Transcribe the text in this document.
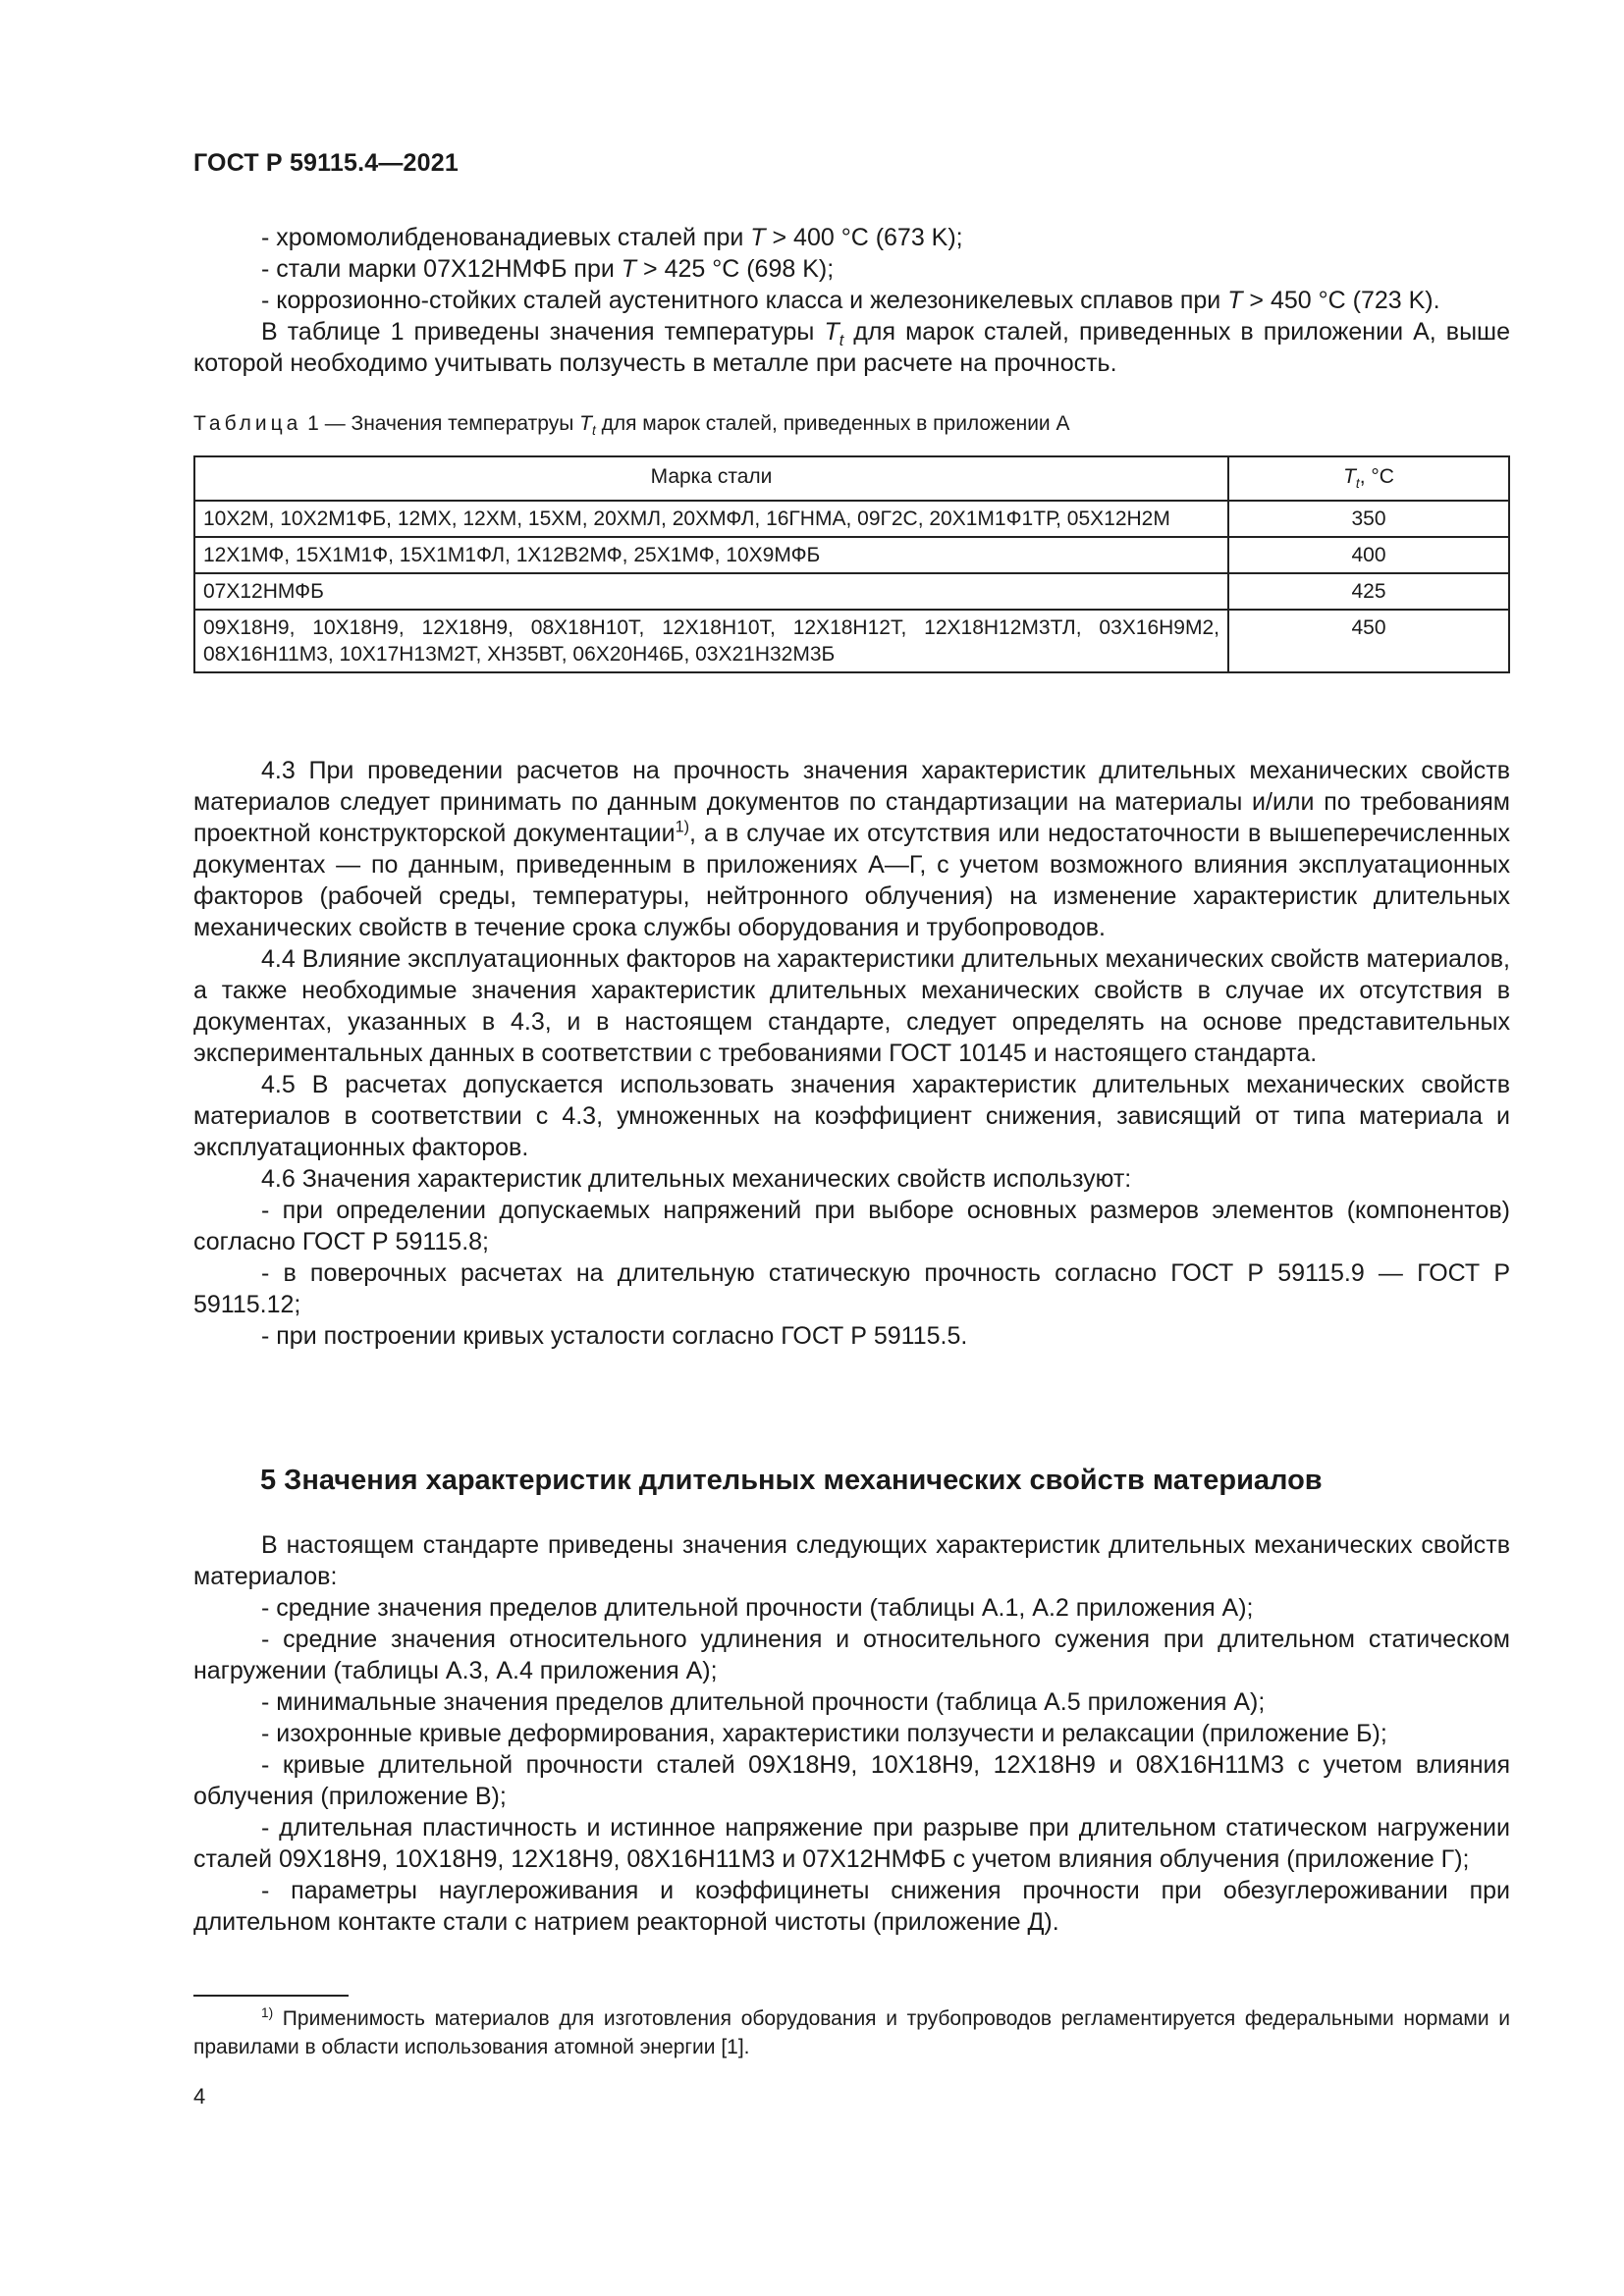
ГОСТ Р 59115.4—2021

- хромомолибденованадиевых сталей при Т > 400 °С (673 K);

- стали марки 07Х12НМФБ при Т > 425 °С (698 K);

- коррозионно-стойких сталей аустенитного класса и железоникелевых сплавов при Т > 450 °С (723 K).

В таблице 1 приведены значения температуры $T_t$ для марок сталей, приведенных в приложении А, выше которой необходимо учитывать ползучесть в металле при расчете на прочность.

Таблица 1 — Значения температруы $T_t$ для марок сталей, приведенных в приложении А
Марка стали	$T_t$, °C
10Х2М, 10Х2М1ФБ, 12МХ, 12ХМ, 15ХМ, 20ХМЛ, 20ХМФЛ, 16ГНМА, 09Г2С, 20Х1М1Ф1ТР, 05Х12Н2М	350
12Х1МФ, 15Х1М1Ф, 15Х1М1ФЛ, 1Х12В2МФ, 25Х1МФ, 10Х9МФБ	400
07Х12НМФБ	425
09Х18Н9, 10Х18Н9, 12Х18Н9, 08Х18Н10Т, 12Х18Н10Т, 12Х18Н12Т, 12Х18Н12М3ТЛ, 03Х16Н9М2, 08Х16Н11М3, 10Х17Н13М2Т, ХН35ВТ, 06Х20Н46Б, 03Х21Н32М3Б	450

4.3 При проведении расчетов на прочность значения характеристик длительных механических свойств материалов следует принимать по данным документов по стандартизации на материалы и/или по требованиям проектной конструкторской документации$^{1)}$, а в случае их отсутствия или недостаточности в вышеперечисленных документах — по данным, приведенным в приложениях А—Г, с учетом возможного влияния эксплуатационных факторов (рабочей среды, температуры, нейтронного облучения) на изменение характеристик длительных механических свойств в течение срока службы оборудования и трубопроводов.

4.4 Влияние эксплуатационных факторов на характеристики длительных механических свойств материалов, а также необходимые значения характеристик длительных механических свойств в случае их отсутствия в документах, указанных в 4.3, и в настоящем стандарте, следует определять на основе представительных экспериментальных данных в соответствии с требованиями ГОСТ 10145 и настоящего стандарта.

4.5 В расчетах допускается использовать значения характеристик длительных механических свойств материалов в соответствии с 4.3, умноженных на коэффициент снижения, зависящий от типа материала и эксплуатационных факторов.

4.6 Значения характеристик длительных механических свойств используют:

- при определении допускаемых напряжений при выборе основных размеров элементов (компонентов) согласно ГОСТ Р 59115.8;

- в поверочных расчетах на длительную статическую прочность согласно ГОСТ Р 59115.9 — ГОСТ Р 59115.12;

- при построении кривых усталости согласно ГОСТ Р 59115.5.

5 Значения характеристик длительных механических свойств материалов

В настоящем стандарте приведены значения следующих характеристик длительных механических свойств материалов:

- средние значения пределов длительной прочности (таблицы А.1, А.2 приложения А);

- средние значения относительного удлинения и относительного сужения при длительном статическом нагружении (таблицы А.3, А.4 приложения А);

- минимальные значения пределов длительной прочности (таблица А.5 приложения А);

- изохронные кривые деформирования, характеристики ползучести и релаксации (приложение Б);

- кривые длительной прочности сталей 09Х18Н9, 10Х18Н9, 12Х18Н9 и 08Х16Н11М3 с учетом влияния облучения (приложение В);

- длительная пластичность и истинное напряжение при разрыве при длительном статическом нагружении сталей 09Х18Н9, 10Х18Н9, 12Х18Н9, 08Х16Н11М3 и 07Х12НМФБ с учетом влияния облучения (приложение Г);

- параметры науглероживания и коэффицинеты снижения прочности при обезуглероживании при длительном контакте стали с натрием реакторной чистоты (приложение Д).

$^{1)}$ Применимость материалов для изготовления оборудования и трубопроводов регламентируется федеральными нормами и правилами в области использования атомной энергии [1].

4
